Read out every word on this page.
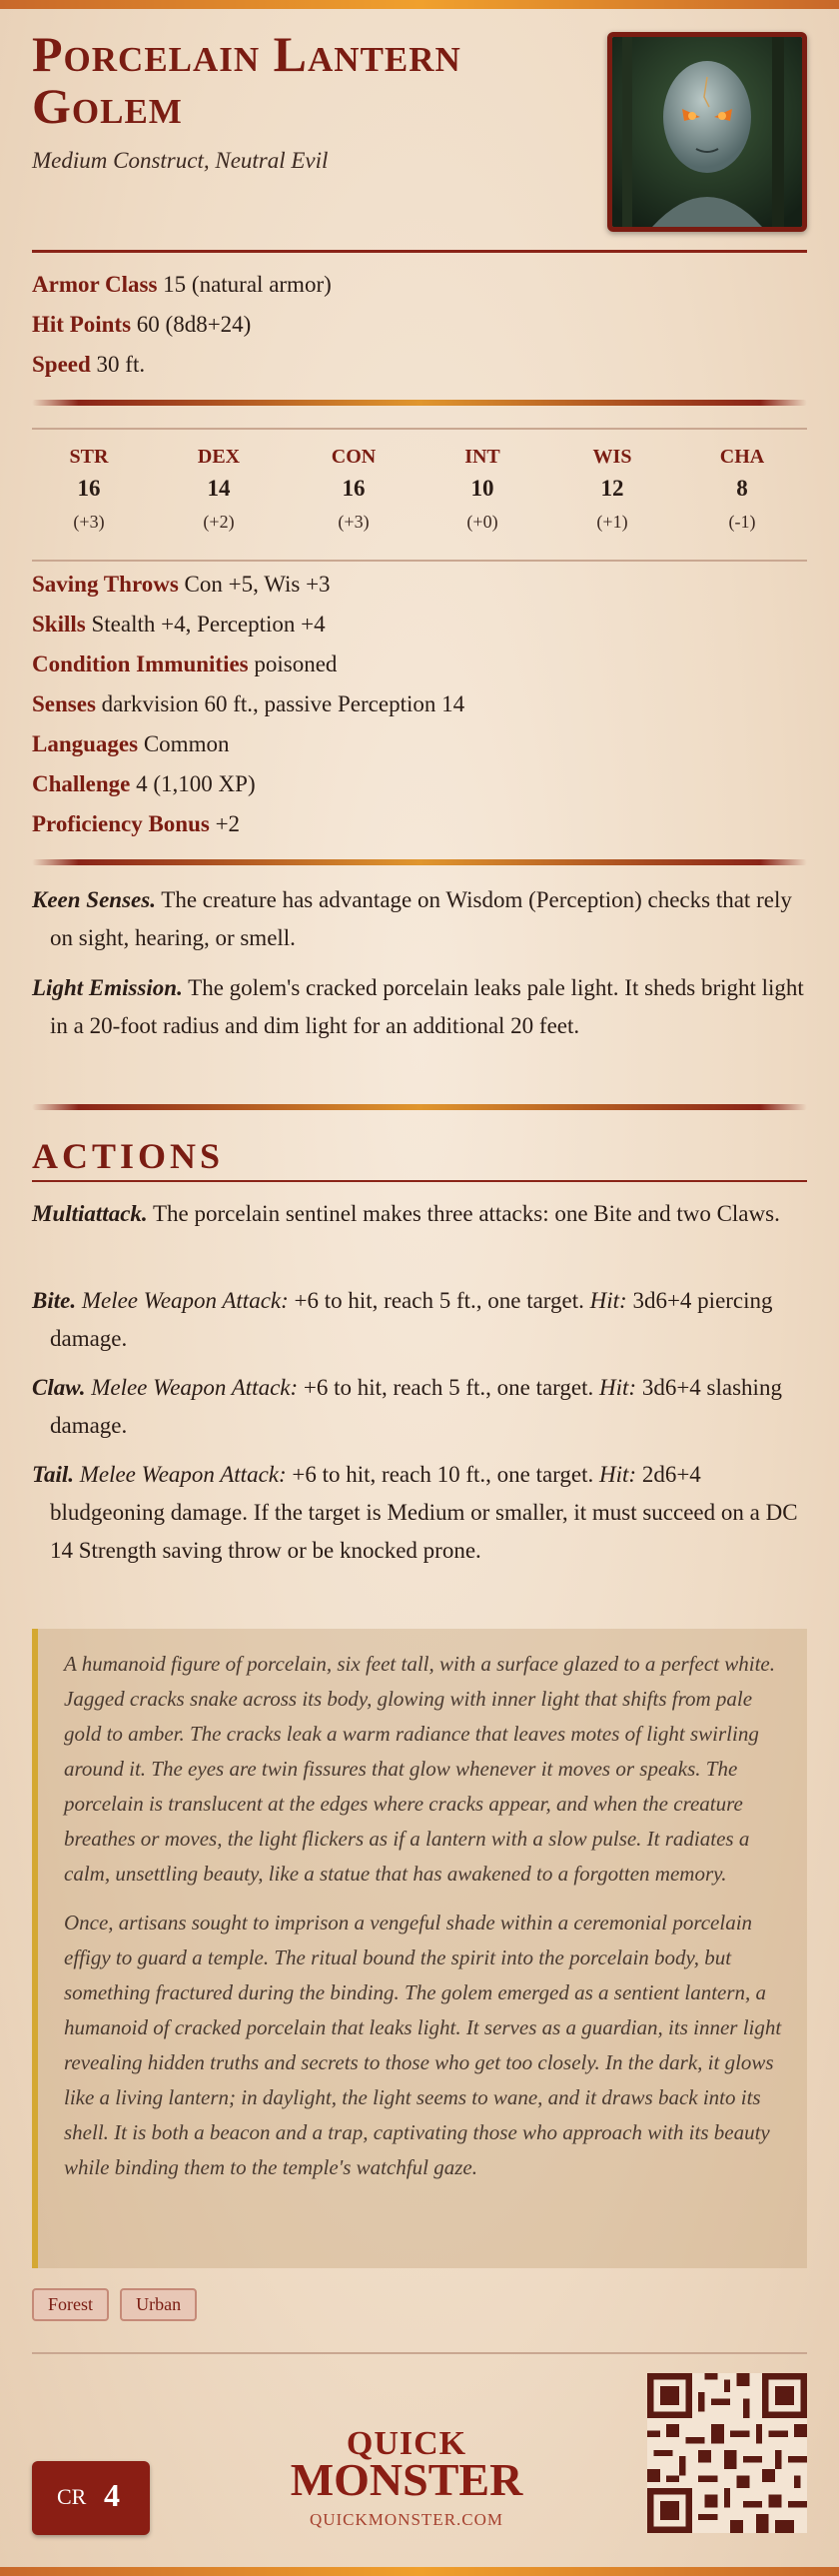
Porcelain Lantern Golem
Medium Construct, Neutral Evil
Armor Class 15 (natural armor)
Hit Points 60 (8d8+24)
Speed 30 ft.
STR
16
(+3)
DEX
14
(+2)
CON
16
(+3)
INT
10
(+0)
WIS
12
(+1)
CHA
8
(-1)
Saving Throws Con +5, Wis +3
Skills Stealth +4, Perception +4
Condition Immunities poisoned
Senses darkvision 60 ft., passive Perception 14
Languages Common
Challenge 4 (1,100 XP)
Proficiency Bonus +2
Keen Senses. The creature has advantage on Wisdom (Perception) checks that rely on sight, hearing, or smell.
Light Emission. The golem's cracked porcelain leaks pale light. It sheds bright light in a 20-foot radius and dim light for an additional 20 feet.
ACTIONS
Multiattack. The porcelain sentinel makes three attacks: one Bite and two Claws.
Bite. Melee Weapon Attack: +6 to hit, reach 5 ft., one target. Hit: 3d6+4 piercing damage.
Claw. Melee Weapon Attack: +6 to hit, reach 5 ft., one target. Hit: 3d6+4 slashing damage.
Tail. Melee Weapon Attack: +6 to hit, reach 10 ft., one target. Hit: 2d6+4 bludgeoning damage. If the target is Medium or smaller, it must succeed on a DC 14 Strength saving throw or be knocked prone.

A humanoid figure of porcelain, six feet tall, with a surface glazed to a perfect white. Jagged cracks snake across its body, glowing with inner light that shifts from pale gold to amber. The cracks leak a warm radiance that leaves motes of light swirling around it. The eyes are twin fissures that glow whenever it moves or speaks. The porcelain is translucent at the edges where cracks appear, and when the creature breathes or moves, the light flickers as if a lantern with a slow pulse. It radiates a calm, unsettling beauty, like a statue that has awakened to a forgotten memory.

Once, artisans sought to imprison a vengeful shade within a ceremonial porcelain effigy to guard a temple. The ritual bound the spirit into the porcelain body, but something fractured during the binding. The golem emerged as a sentient lantern, a humanoid of cracked porcelain that leaks light. It serves as a guardian, its inner light revealing hidden truths and secrets to those who get too closely. In the dark, it glows like a living lantern; in daylight, the light seems to wane, and it draws back into its shell. It is both a beacon and a trap, captivating those who approach with its beauty while binding them to the temple's watchful gaze.

Forest Urban
CR 4
QUICK
MONSTER
QUICKMONSTER.COM
